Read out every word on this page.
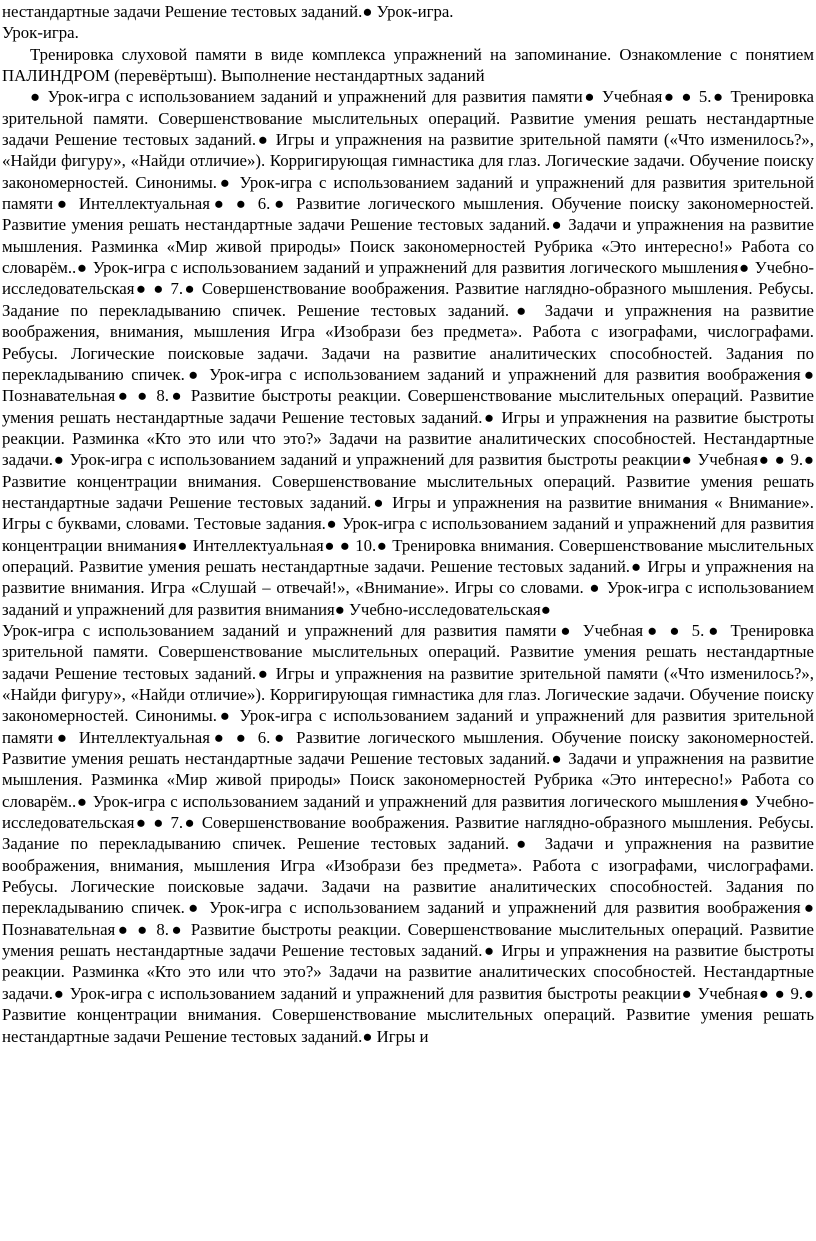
нестандартные задачи Решение тестовых заданий.● Урок-игра.

Урок-игра.

Тренировка слуховой памяти в виде комплекса упражнений на запоминание. Ознакомление с понятием ПАЛИНДРОМ (перевёртыш). Выполнение нестандартных заданий

● Урок-игра с использованием заданий и упражнений для развития памяти● Учебная● ● 5.● Тренировка зрительной памяти. Совершенствование мыслительных операций. Развитие умения решать нестандартные задачи Решение тестовых заданий.● Игры и упражнения на развитие зрительной памяти («Что изменилось?», «Найди фигуру», «Найди отличие»). Корригирующая гимнастика для глаз. Логические задачи. Обучение поиску закономерностей. Синонимы.● Урок-игра с использованием заданий и упражнений для развития зрительной памяти● Интеллектуальная● ● 6.● Развитие логического мышления. Обучение поиску закономерностей. Развитие умения решать нестандартные задачи Решение тестовых заданий.● Задачи и упражнения на развитие мышления. Разминка «Мир живой природы» Поиск закономерностей Рубрика «Это интересно!» Работа со словарём..● Урок-игра с использованием заданий и упражнений для развития логического мышления● Учебно-исследовательская● ● 7.● Совершенствование воображения. Развитие наглядно-образного мышления. Ребусы. Задание по перекладыванию спичек. Решение тестовых заданий.● Задачи и упражнения на развитие воображения, внимания, мышления Игра «Изобрази без предмета». Работа с изографами, числографами. Ребусы. Логические поисковые задачи. Задачи на развитие аналитических способностей. Задания по перекладыванию спичек.● Урок-игра с использованием заданий и упражнений для развития воображения● Познавательная● ● 8.● Развитие быстроты реакции. Совершенствование мыслительных операций. Развитие умения решать нестандартные задачи Решение тестовых заданий.● Игры и упражнения на развитие быстроты реакции. Разминка «Кто это или что это?» Задачи на развитие аналитических способностей. Нестандартные задачи.● Урок-игра с использованием заданий и упражнений для развития быстроты реакции● Учебная● ● 9.● Развитие концентрации внимания. Совершенствование мыслительных операций. Развитие умения решать нестандартные задачи Решение тестовых заданий.● Игры и упражнения на развитие внимания « Внимание». Игры с буквами, словами. Тестовые задания.● Урок-игра с использованием заданий и упражнений для развития концентрации внимания● Интеллектуальная● ● 10.● Тренировка внимания. Совершенствование мыслительных операций. Развитие умения решать нестандартные задачи. Решение тестовых заданий.● Игры и упражнения на развитие внимания. Игра «Слушай – отвечай!», «Внимание». Игры со словами. ● Урок-игра с использованием заданий и упражнений для развития внимания● Учебно-исследовательская●

Урок-игра с использованием заданий и упражнений для развития памяти● Учебная● ● 5.● Тренировка зрительной памяти. Совершенствование мыслительных операций. Развитие умения решать нестандартные задачи Решение тестовых заданий.● Игры и упражнения на развитие зрительной памяти («Что изменилось?», «Найди фигуру», «Найди отличие»). Корригирующая гимнастика для глаз. Логические задачи. Обучение поиску закономерностей. Синонимы.● Урок-игра с использованием заданий и упражнений для развития зрительной памяти● Интеллектуальная● ● 6.● Развитие логического мышления. Обучение поиску закономерностей. Развитие умения решать нестандартные задачи Решение тестовых заданий.● Задачи и упражнения на развитие мышления. Разминка «Мир живой природы» Поиск закономерностей Рубрика «Это интересно!» Работа со словарём..● Урок-игра с использованием заданий и упражнений для развития логического мышления● Учебно-исследовательская● ● 7.● Совершенствование воображения. Развитие наглядно-образного мышления. Ребусы. Задание по перекладыванию спичек. Решение тестовых заданий.● Задачи и упражнения на развитие воображения, внимания, мышления Игра «Изобрази без предмета». Работа с изографами, числографами. Ребусы. Логические поисковые задачи. Задачи на развитие аналитических способностей. Задания по перекладыванию спичек.● Урок-игра с использованием заданий и упражнений для развития воображения● Познавательная● ● 8.● Развитие быстроты реакции. Совершенствование мыслительных операций. Развитие умения решать нестандартные задачи Решение тестовых заданий.● Игры и упражнения на развитие быстроты реакции. Разминка «Кто это или что это?» Задачи на развитие аналитических способностей. Нестандартные задачи.● Урок-игра с использованием заданий и упражнений для развития быстроты реакции● Учебная● ● 9.● Развитие концентрации внимания. Совершенствование мыслительных операций. Развитие умения решать нестандартные задачи Решение тестовых заданий.● Игры и
